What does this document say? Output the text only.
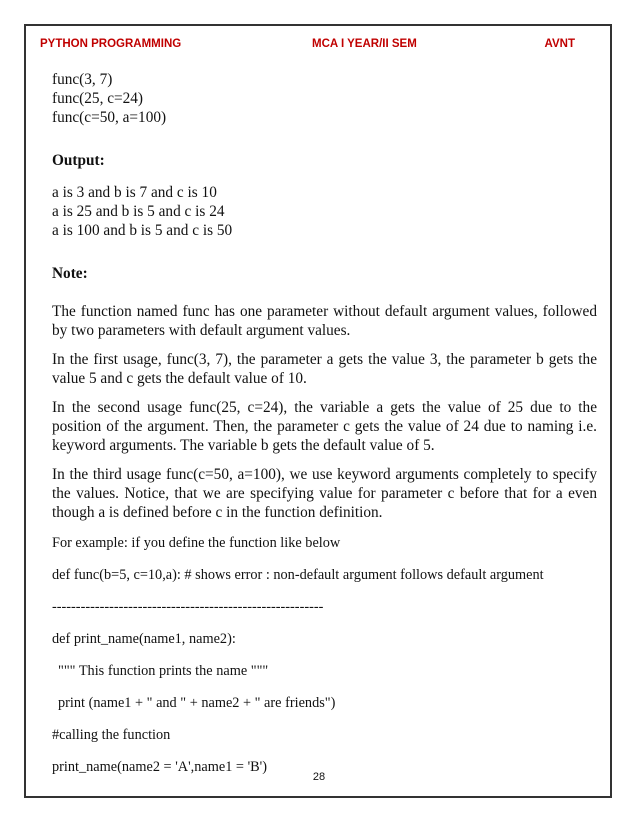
PYTHON PROGRAMMING	MCA I YEAR/II SEM	AVNT

func(3, 7)

func(25, c=24)

func(c=50, a=100)

Output:

a is 3 and b is 7 and c is 10

a is 25 and b is 5 and c is 24

a is 100 and b is 5 and c is 50

Note:

The function named func has one parameter without default argument values, followed by two parameters with default argument values.

In the first usage, func(3, 7), the parameter a gets the value 3, the parameter b gets the value 5 and c gets the default value of 10.

In the second usage func(25, c=24), the variable a gets the value of 25 due to the position of the argument. Then, the parameter c gets the value of 24 due to naming i.e. keyword arguments. The variable b gets the default value of 5.

In the third usage func(c=50, a=100), we use keyword arguments completely to specify the values. Notice, that we are specifying value for parameter c before that for a even though a is defined before c in the function definition.

For example: if you define the function like below

def func(b=5, c=10,a): # shows error : non-default argument follows default argument

---------------------------------------------------------

def print_name(name1, name2):

""" This function prints the name """

print (name1 + " and " + name2 + " are friends")

#calling the function

print_name(name2 = 'A',name1 = 'B')

28
